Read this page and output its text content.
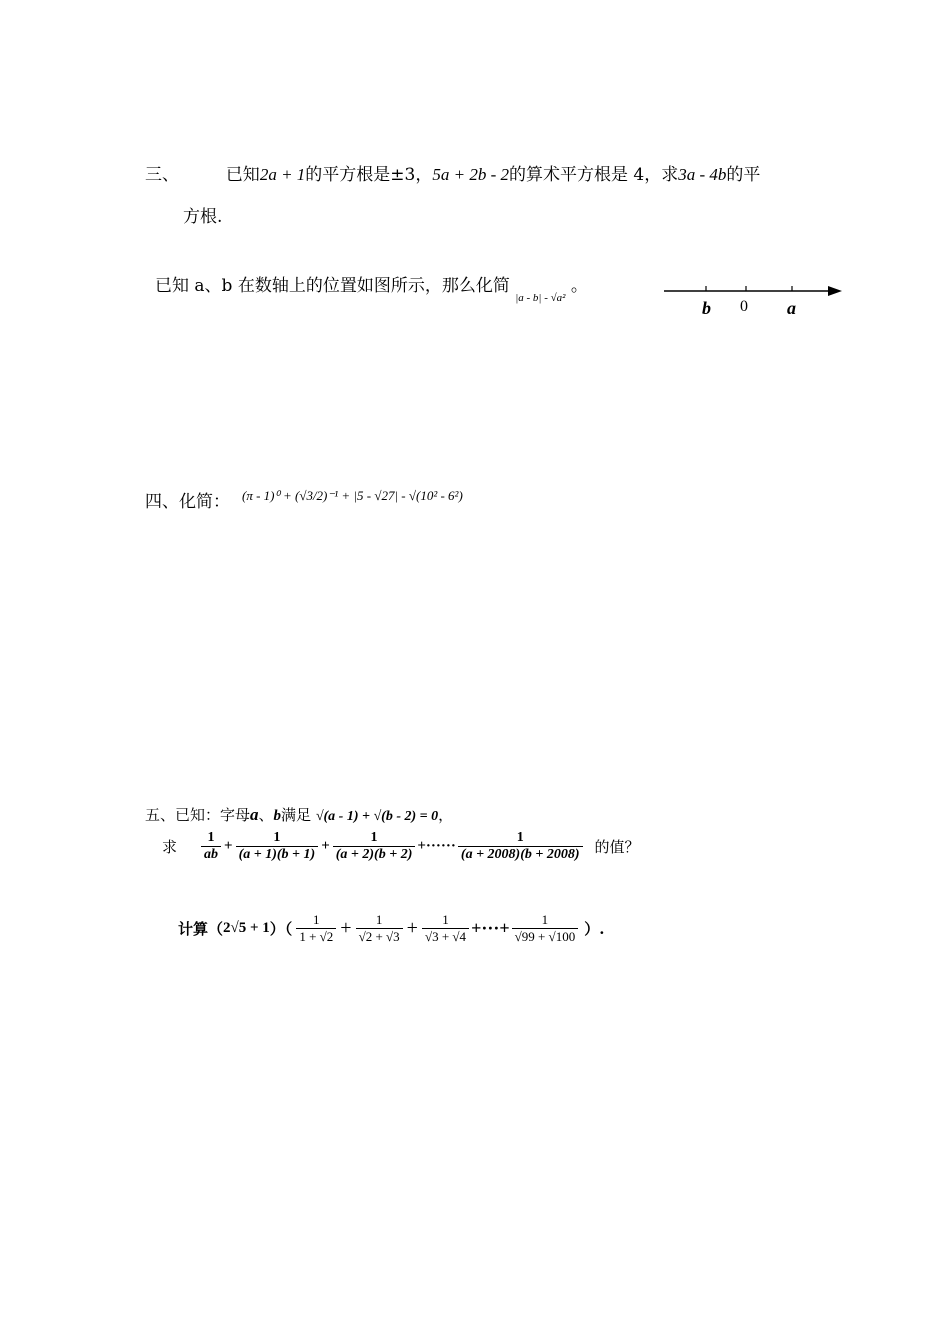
三、	已知2a + 1的平方根是±3，5a + 2b - 2的算术平方根是 4，求3a - 4b的平
方根.
已知 a、b 在数轴上的位置如图所示，那么化简 $_{|a - b| - √a^2}$ 。
b 0 a
四、化简： (π - 1)⁰ + (√3/2)⁻¹ + |5 - √27| - √(10² - 6²)
五、已知：字母a、b满足 √(a - 1) + √(b - 2) = 0，
求 $\frac{1}{ab} + \frac{1}{(a + 1)(b + 1)} + \frac{1}{(a + 2)(b + 2)}$ +······ $\frac{1}{(a + 2008)(b + 2008)}$ 的值？
计算（ 2√5 + 1 ）（ $\frac{1}{1 + √2} + \frac{1}{√2 + √3} + \frac{1}{√3 + √4}$ +···+ $\frac{1}{√99 + √100}$ ）.
